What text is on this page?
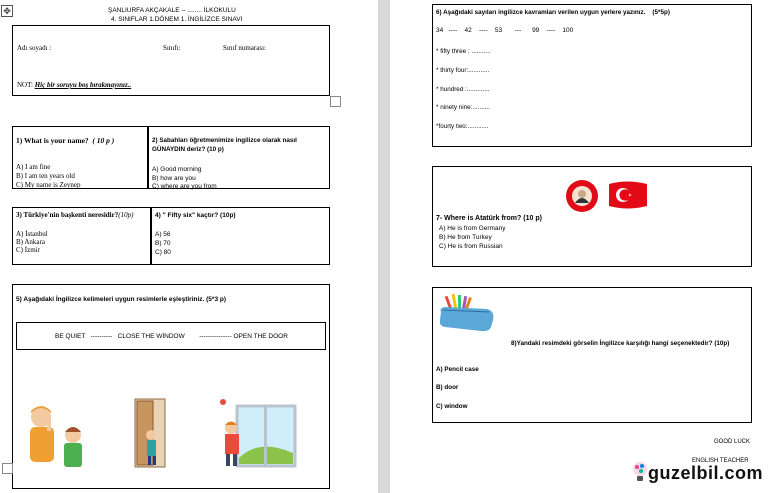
✥	ŞANLIURFA AKÇAKALE -- ........ İLKOKULU
4. SINIFLAR 1.DÖNEM 1. İNGİLİZCE SINAVI
Adı soyadı :	Sınıfı:	Sınıf numarası:
NOT: Hiç bir soruyu boş bırakmayınız..
1) What is your name? ( 10 p )
A) I am fine
B) I am ten years old
C) My name is Zeynep
2) Sabahları öğretmenimize ingilizce olarak nasıl
GÜNAYDIN deriz? (10 p)
A) Good morning
B) how are you
C) where are you from
3) Türkiye'nin başkenti neresidir?(10p)
A) İstanbul
B) Ankara
C) İzmir
4) " Fifty six" kaçtır? (10p)
A) 56
B) 70
C) 80
5) Aşağıdaki İngilizce kelimeleri uygun resimlerle eşleştiriniz. (5*3 p)
BE QUIET   ----------   CLOSE THE WİNDOW        --------------- OPEN THE DOOR
6) Aşağıdaki sayıları ingilizce kavramları verilen uygun yerlere yazınız. (5*5p)
34   ----    42    ----    53       ---      99    ----    100
* fifty three : ...........
* thirty four:............
* hundred :.............
* ninety nine:..........
*fourty two:............
7- Where is Atatürk from? (10 p)
A) He is from Germany
B) He from Turkey
C) He is from Russian
8)Yandaki resimdeki görselin İngilizce karşılığı hangi seçenektedir? (10p)
A) Pencil case
B) door
C) window
GOOD LUCK
ENGLISH TEACHER
guzelbil.com
